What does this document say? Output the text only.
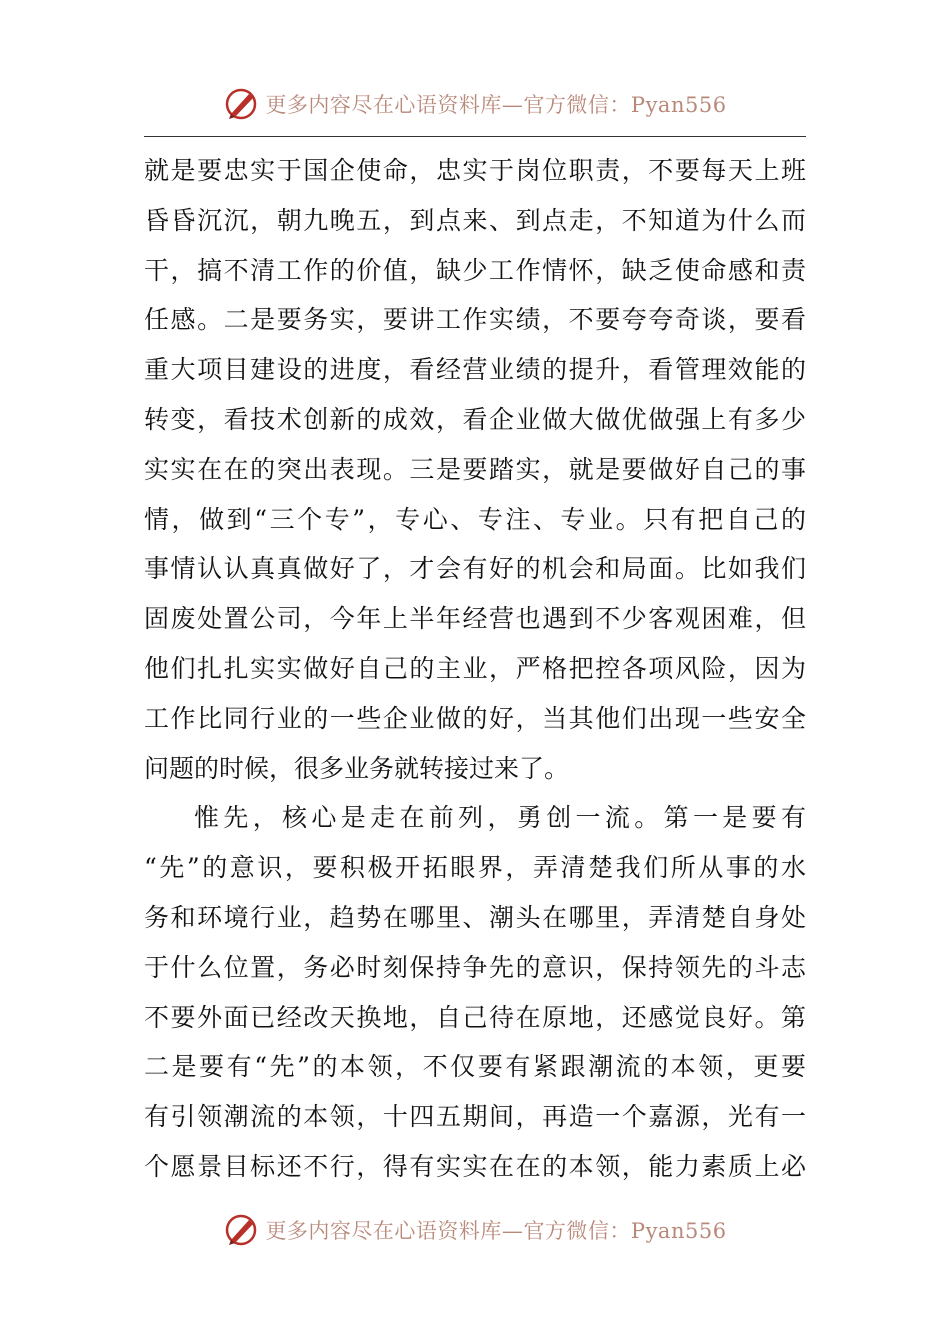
更多内容尽在心语资料库— 官方微信：Pyan556
就是要忠实于国企使命，忠实于岗位职责，不要每天上班
昏昏沉沉，朝九晚五，到点来、到点走，不知道为什么而
干，搞不清工作的价值，缺少工作情怀，缺乏使命感和责
任感。二是要务实，要讲工作实绩，不要夸夸奇谈，要看
重大项目建设的进度，看经营业绩的提升，看管理效能的
转变，看技术创新的成效，看企业做大做优做强上有多少
实实在在的突出表现。三是要踏实，就是要做好自己的事
情，做到“三个专”，专心、专注、专业。只有把自己的
事情认认真真做好了，才会有好的机会和局面。比如我们
固废处置公司，今年上半年经营也遇到不少客观困难，但
他们扎扎实实做好自己的主业，严格把控各项风险，因为
工作比同行业的一些企业做的好，当其他们出现一些安全
问题的时候，很多业务就转接过来了。
惟先，核心是走在前列，勇创一流。第一是要有
“先”的意识，要积极开拓眼界，弄清楚我们所从事的水
务和环境行业，趋势在哪里、潮头在哪里，弄清楚自身处
于什么位置，务必时刻保持争先的意识，保持领先的斗志
不要外面已经改天换地，自己待在原地，还感觉良好。第
二是要有“先”的本领，不仅要有紧跟潮流的本领，更要
有引领潮流的本领，十四五期间，再造一个嘉源，光有一
个愿景目标还不行，得有实实在在的本领，能力素质上必
更多内容尽在心语资料库— 官方微信：Pyan556
